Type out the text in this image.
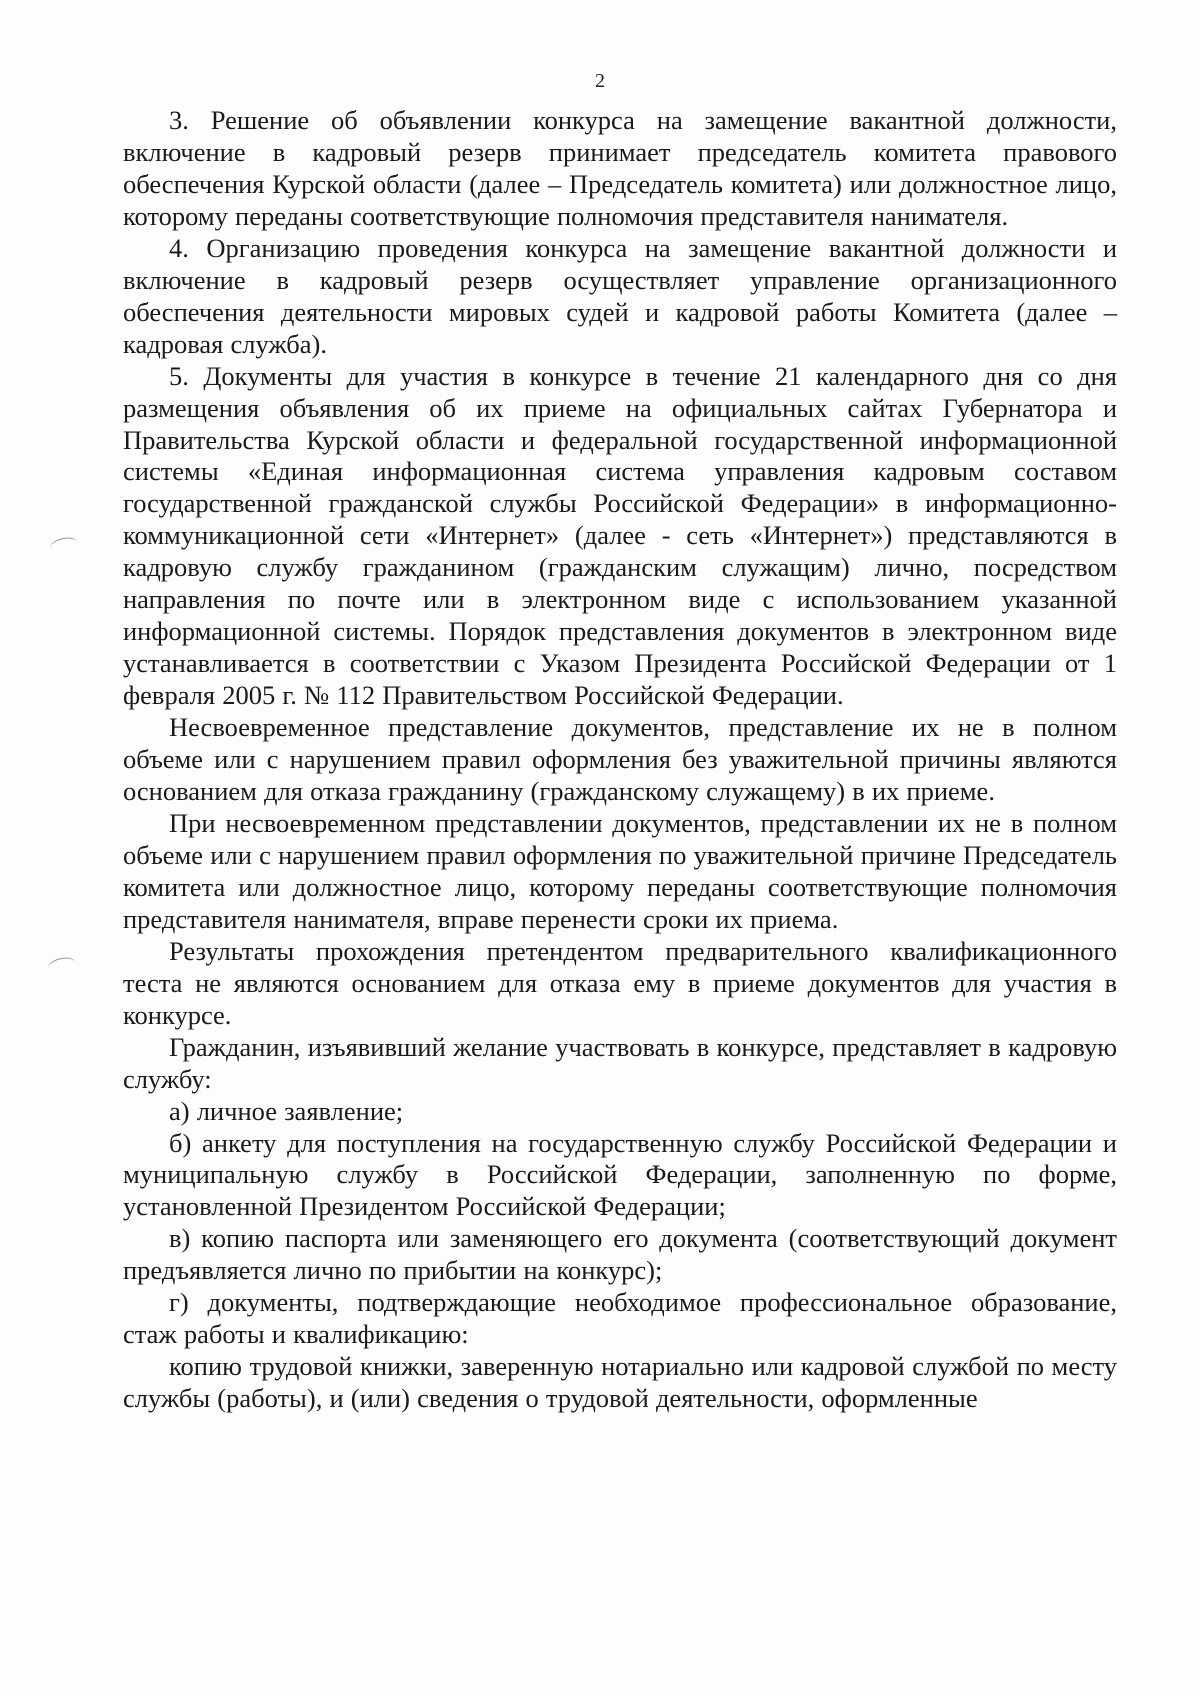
2

3. Решение об объявлении конкурса на замещение вакантной должности, включение в кадровый резерв принимает председатель комитета правового обеспечения Курской области (далее – Председатель комитета) или должностное лицо, которому переданы соответствующие полномочия представителя нанимателя.

4. Организацию проведения конкурса на замещение вакантной должности и включение в кадровый резерв осуществляет управление организационного обеспечения деятельности мировых судей и кадровой работы Комитета (далее – кадровая служба).

5. Документы для участия в конкурсе в течение 21 календарного дня со дня размещения объявления об их приеме на официальных сайтах Губернатора и Правительства Курской области и федеральной государственной информационной системы «Единая информационная система управления кадровым составом государственной гражданской службы Российской Федерации» в информационно-коммуникационной сети «Интернет» (далее - сеть «Интернет») представляются в кадровую службу гражданином (гражданским служащим) лично, посредством направления по почте или в электронном виде с использованием указанной информационной системы. Порядок представления документов в электронном виде устанавливается в соответствии с Указом Президента Российской Федерации от 1 февраля 2005 г. № 112 Правительством Российской Федерации.

Несвоевременное представление документов, представление их не в полном объеме или с нарушением правил оформления без уважительной причины являются основанием для отказа гражданину (гражданскому служащему) в их приеме.

При несвоевременном представлении документов, представлении их не в полном объеме или с нарушением правил оформления по уважительной причине Председатель комитета или должностное лицо, которому переданы соответствующие полномочия представителя нанимателя, вправе перенести сроки их приема.

Результаты прохождения претендентом предварительного квалификационного теста не являются основанием для отказа ему в приеме документов для участия в конкурсе.

Гражданин, изъявивший желание участвовать в конкурсе, представляет в кадровую службу:

а) личное заявление;

б) анкету для поступления на государственную службу Российской Федерации и муниципальную службу в Российской Федерации, заполненную по форме, установленной Президентом Российской Федерации;

в) копию паспорта или заменяющего его документа (соответствующий документ предъявляется лично по прибытии на конкурс);

г) документы, подтверждающие необходимое профессиональное образование, стаж работы и квалификацию:

копию трудовой книжки, заверенную нотариально или кадровой службой по месту службы (работы), и (или) сведения о трудовой деятельности, оформленные
